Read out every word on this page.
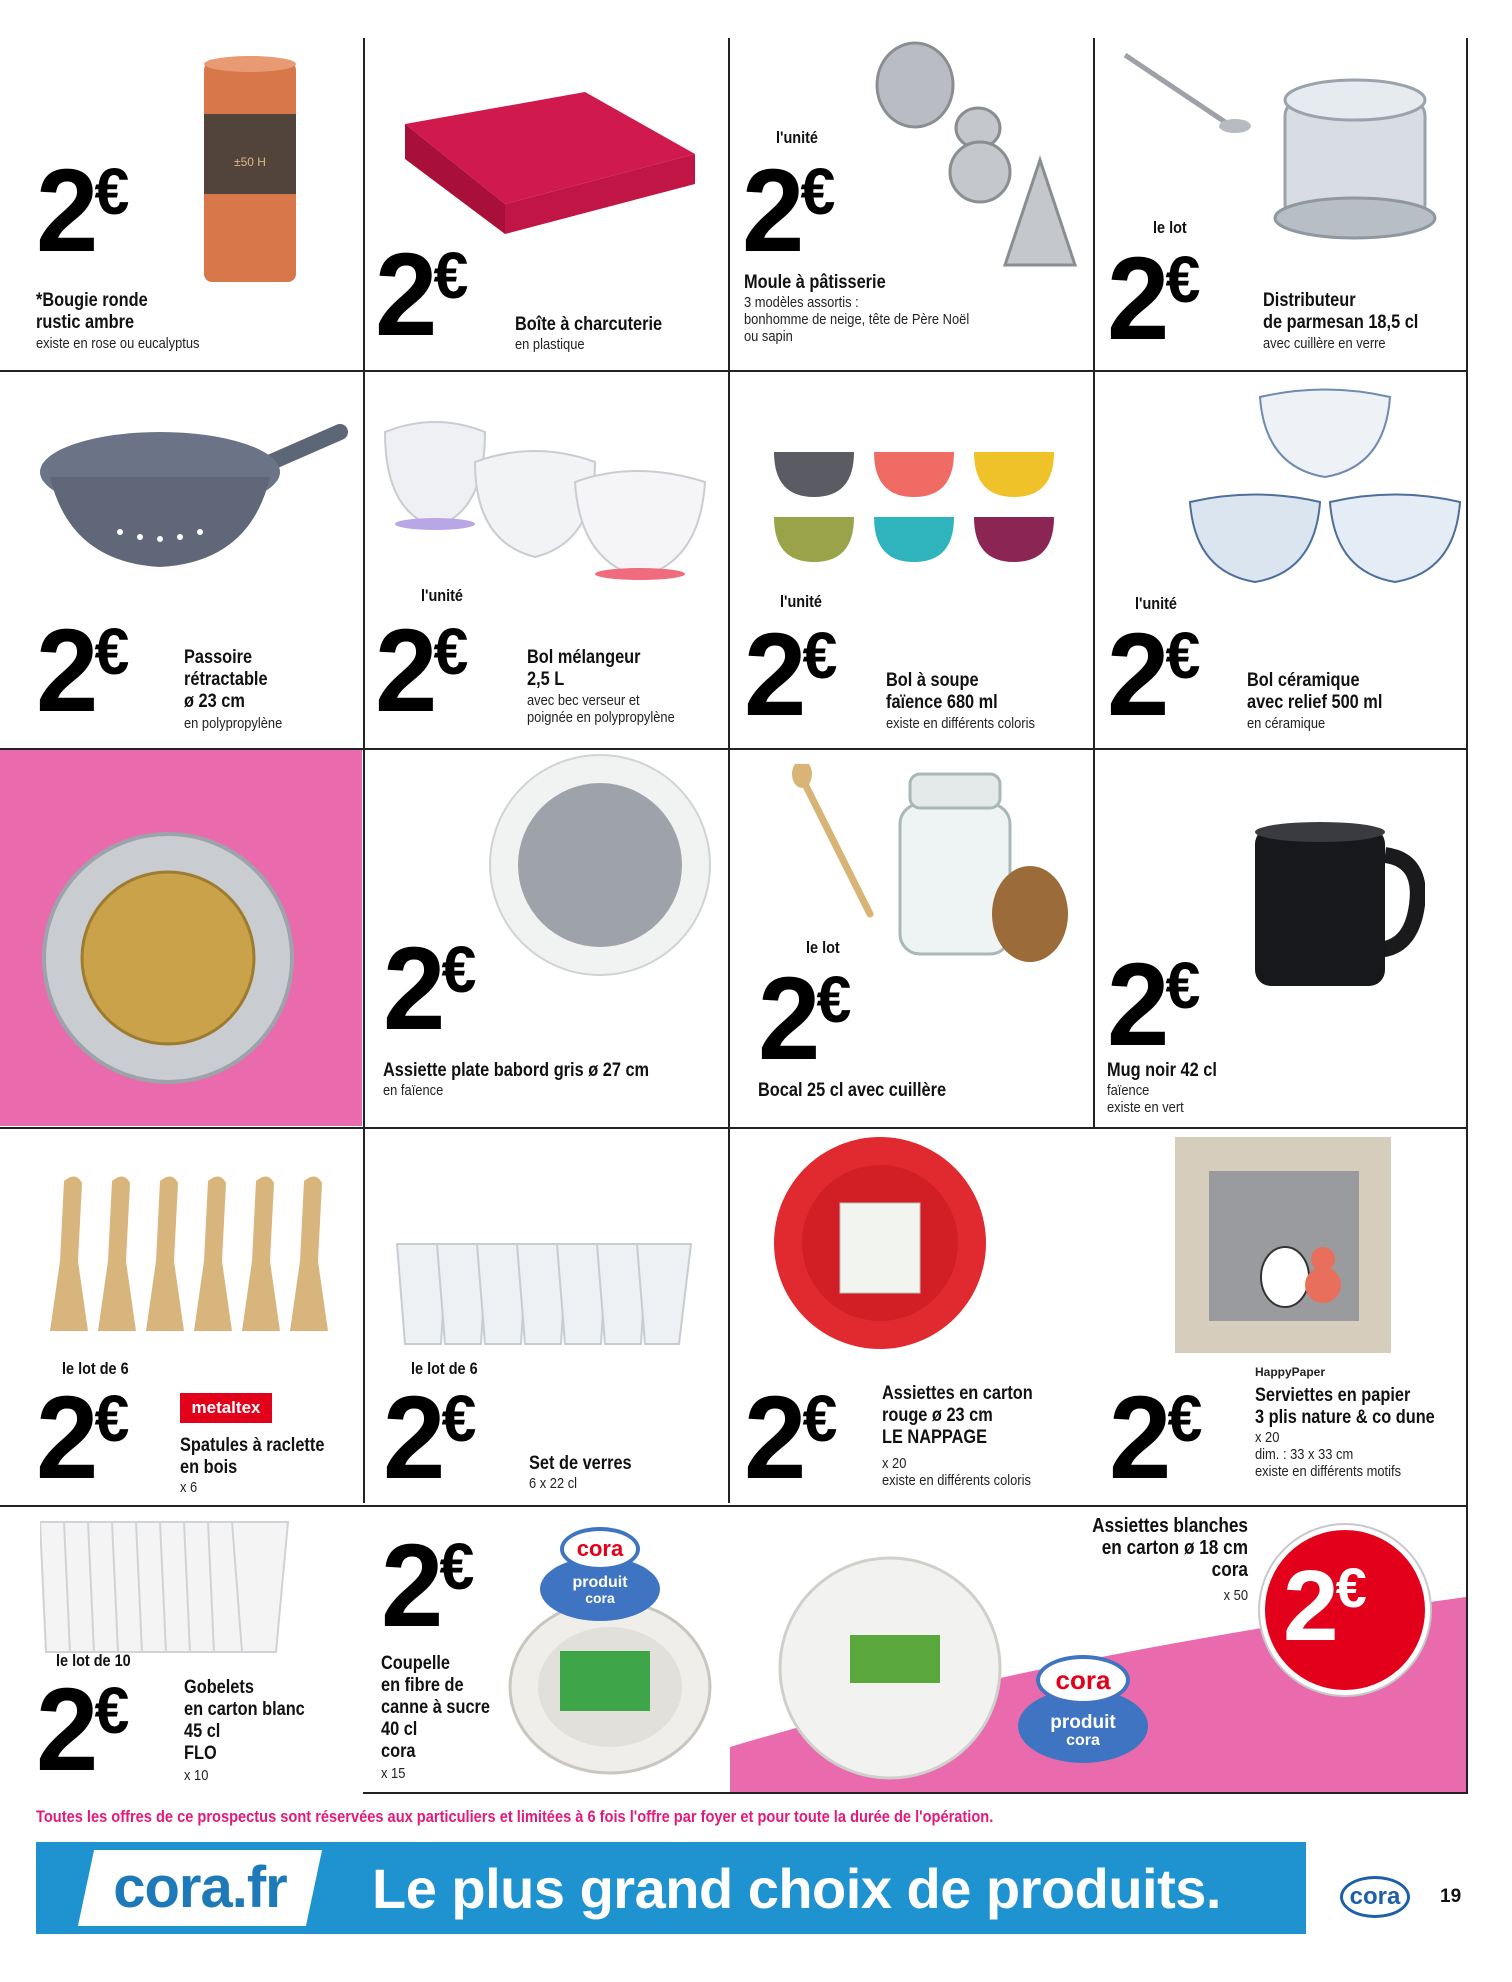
±50 H
2€
*Bougie ronde
rustic ambre
existe en rose ou eucalyptus 2€
Boîte à charcuterie
en plastique
l'unité
2€
Moule à pâtisserie
3 modèles assortis :
bonhomme de neige, tête de Père Noël
ou sapin
le lot
2€	Distributeur
de parmesan 18,5 cl
avec cuillère en verre
2€	Passoire
rétractable
ø 23 cm
en polypropylène
l'unité
2€	Bol mélangeur
2,5 L
avec bec verseur et
poignée en polypropylène
l'unité
2€	Bol à soupe
faïence 680 ml
existe en différents coloris
l'unité
2€	Bol céramique
avec relief 500 ml
en céramique
2€
Assiette plate babord gris ø 27 cm
en faïence
le lot
2€
Bocal 25 cl avec cuillère
2€
Mug noir 42 cl
faïence
existe en vert
le lot de 6
metaltex
2€	Spatules à raclette
en bois
x 6
le lot de 6
2€
Set de verres
6 x 22 cl 2€	Assiettes en carton
rouge ø 23 cm
LE NAPPAGE
x 20
existe en différents coloris
HappyPaper
2€	Serviettes en papier
3 plis nature & co dune
x 20
dim. : 33 x 33 cm
existe en différents motifs
le lot de 10
2€	Gobelets
en carton blanc
45 cl
FLO
x 10
cora
produit
cora
2€
Coupelle
en fibre de
canne à sucre
40 cl
cora
x 15
cora
produit
cora
Assiettes blanches
en carton ø 18 cm
cora
x 50 2€
Toutes les offres de ce prospectus sont réservées aux particuliers et limitées à 6 fois l'offre par foyer et pour toute la durée de l'opération.
cora.fr	Le plus grand choix de produits.	cora	19
